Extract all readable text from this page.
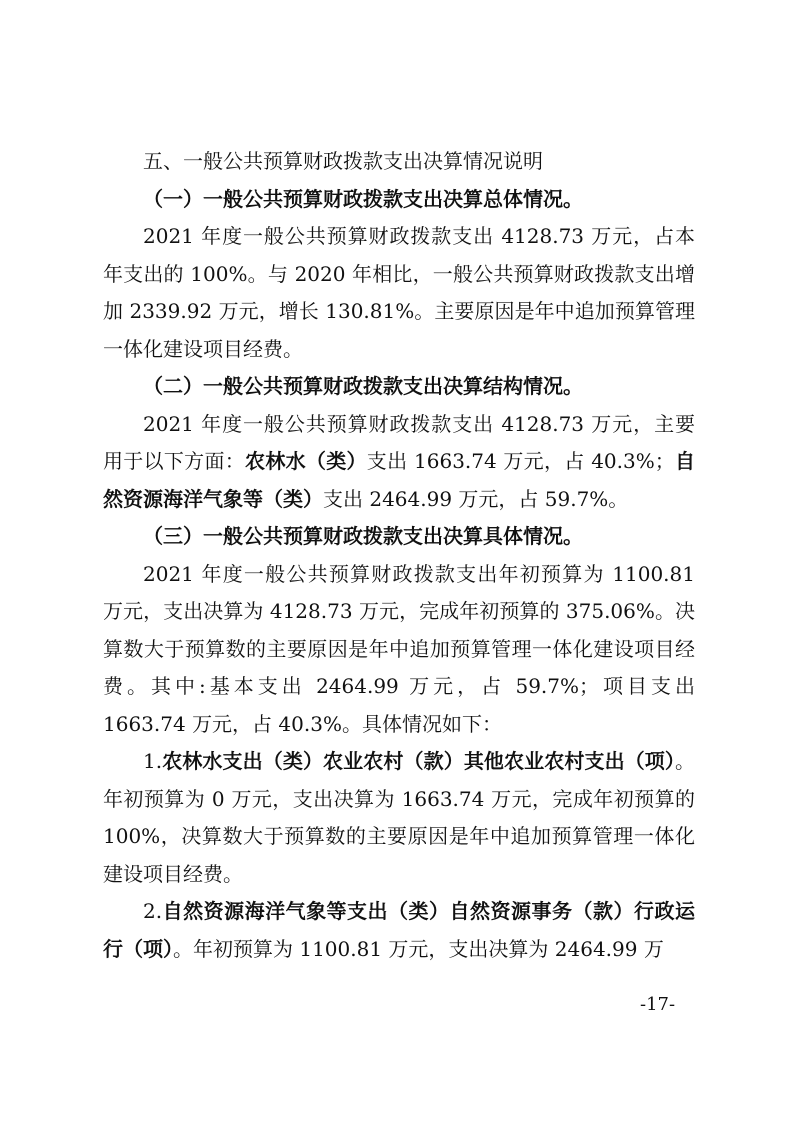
五、一般公共预算财政拨款支出决算情况说明

（一）一般公共预算财政拨款支出决算总体情况。

2021 年度一般公共预算财政拨款支出 4128.73 万元，占本年支出的 100%。与 2020 年相比，一般公共预算财政拨款支出增加 2339.92 万元，增长 130.81%。主要原因是年中追加预算管理一体化建设项目经费。

（二）一般公共预算财政拨款支出决算结构情况。

2021 年度一般公共预算财政拨款支出 4128.73 万元，主要用于以下方面：农林水（类）支出 1663.74 万元，占 40.3%；自然资源海洋气象等（类）支出 2464.99 万元，占 59.7%。

（三）一般公共预算财政拨款支出决算具体情况。

2021 年度一般公共预算财政拨款支出年初预算为 1100.81 万元，支出决算为 4128.73 万元，完成年初预算的 375.06%。决算数大于预算数的主要原因是年中追加预算管理一体化建设项目经费。其中:基本支出 2464.99 万元，占 59.7%；项目支出 1663.74 万元，占 40.3%。具体情况如下：

1.农林水支出（类）农业农村（款）其他农业农村支出（项）。年初预算为 0 万元，支出决算为 1663.74 万元，完成年初预算的 100%，决算数大于预算数的主要原因是年中追加预算管理一体化建设项目经费。

2.自然资源海洋气象等支出（类）自然资源事务（款）行政运行（项）。年初预算为 1100.81 万元，支出决算为 2464.99 万

-17-
